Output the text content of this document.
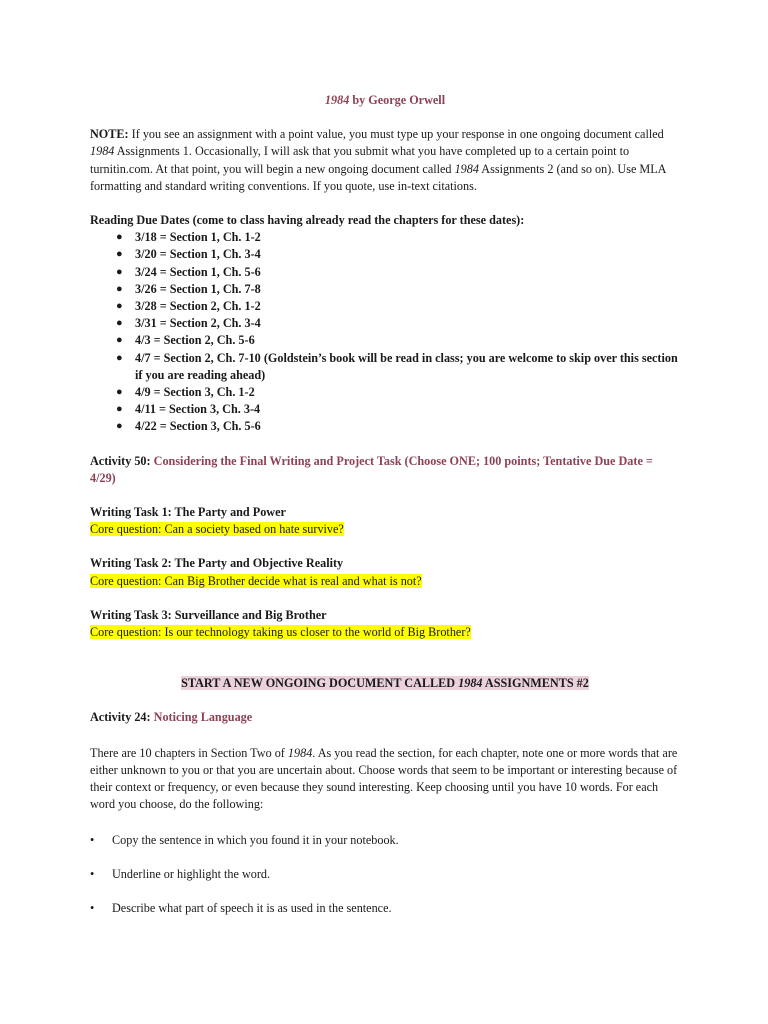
1984 by George Orwell

NOTE: If you see an assignment with a point value, you must type up your response in one ongoing document called 1984 Assignments 1. Occasionally, I will ask that you submit what you have completed up to a certain point to turnitin.com. At that point, you will begin a new ongoing document called 1984 Assignments 2 (and so on). Use MLA formatting and standard writing conventions. If you quote, use in-text citations.

Reading Due Dates (come to class having already read the chapters for these dates):

● 3/18 = Section 1, Ch. 1-2
● 3/20 = Section 1, Ch. 3-4
● 3/24 = Section 1, Ch. 5-6
● 3/26 = Section 1, Ch. 7-8
● 3/28 = Section 2, Ch. 1-2
● 3/31 = Section 2, Ch. 3-4
● 4/3 = Section 2, Ch. 5-6
● 4/7 = Section 2, Ch. 7-10 (Goldstein’s book will be read in class; you are welcome to skip over this section if you are reading ahead)
● 4/9 = Section 3, Ch. 1-2
● 4/11 = Section 3, Ch. 3-4
● 4/22 = Section 3, Ch. 5-6

Activity 50: Considering the Final Writing and Project Task (Choose ONE; 100 points; Tentative Due Date = 4/29)

Writing Task 1: The Party and Power

Core question: Can a society based on hate survive?

Writing Task 2: The Party and Objective Reality

Core question: Can Big Brother decide what is real and what is not?

Writing Task 3: Surveillance and Big Brother

Core question: Is our technology taking us closer to the world of Big Brother?

START A NEW ONGOING DOCUMENT CALLED 1984 ASSIGNMENTS #2

Activity 24: Noticing Language

There are 10 chapters in Section Two of 1984. As you read the section, for each chapter, note one or more words that are either unknown to you or that you are uncertain about. Choose words that seem to be important or interesting because of their context or frequency, or even because they sound interesting. Keep choosing until you have 10 words. For each word you choose, do the following:

• Copy the sentence in which you found it in your notebook.
• Underline or highlight the word.
• Describe what part of speech it is as used in the sentence.
